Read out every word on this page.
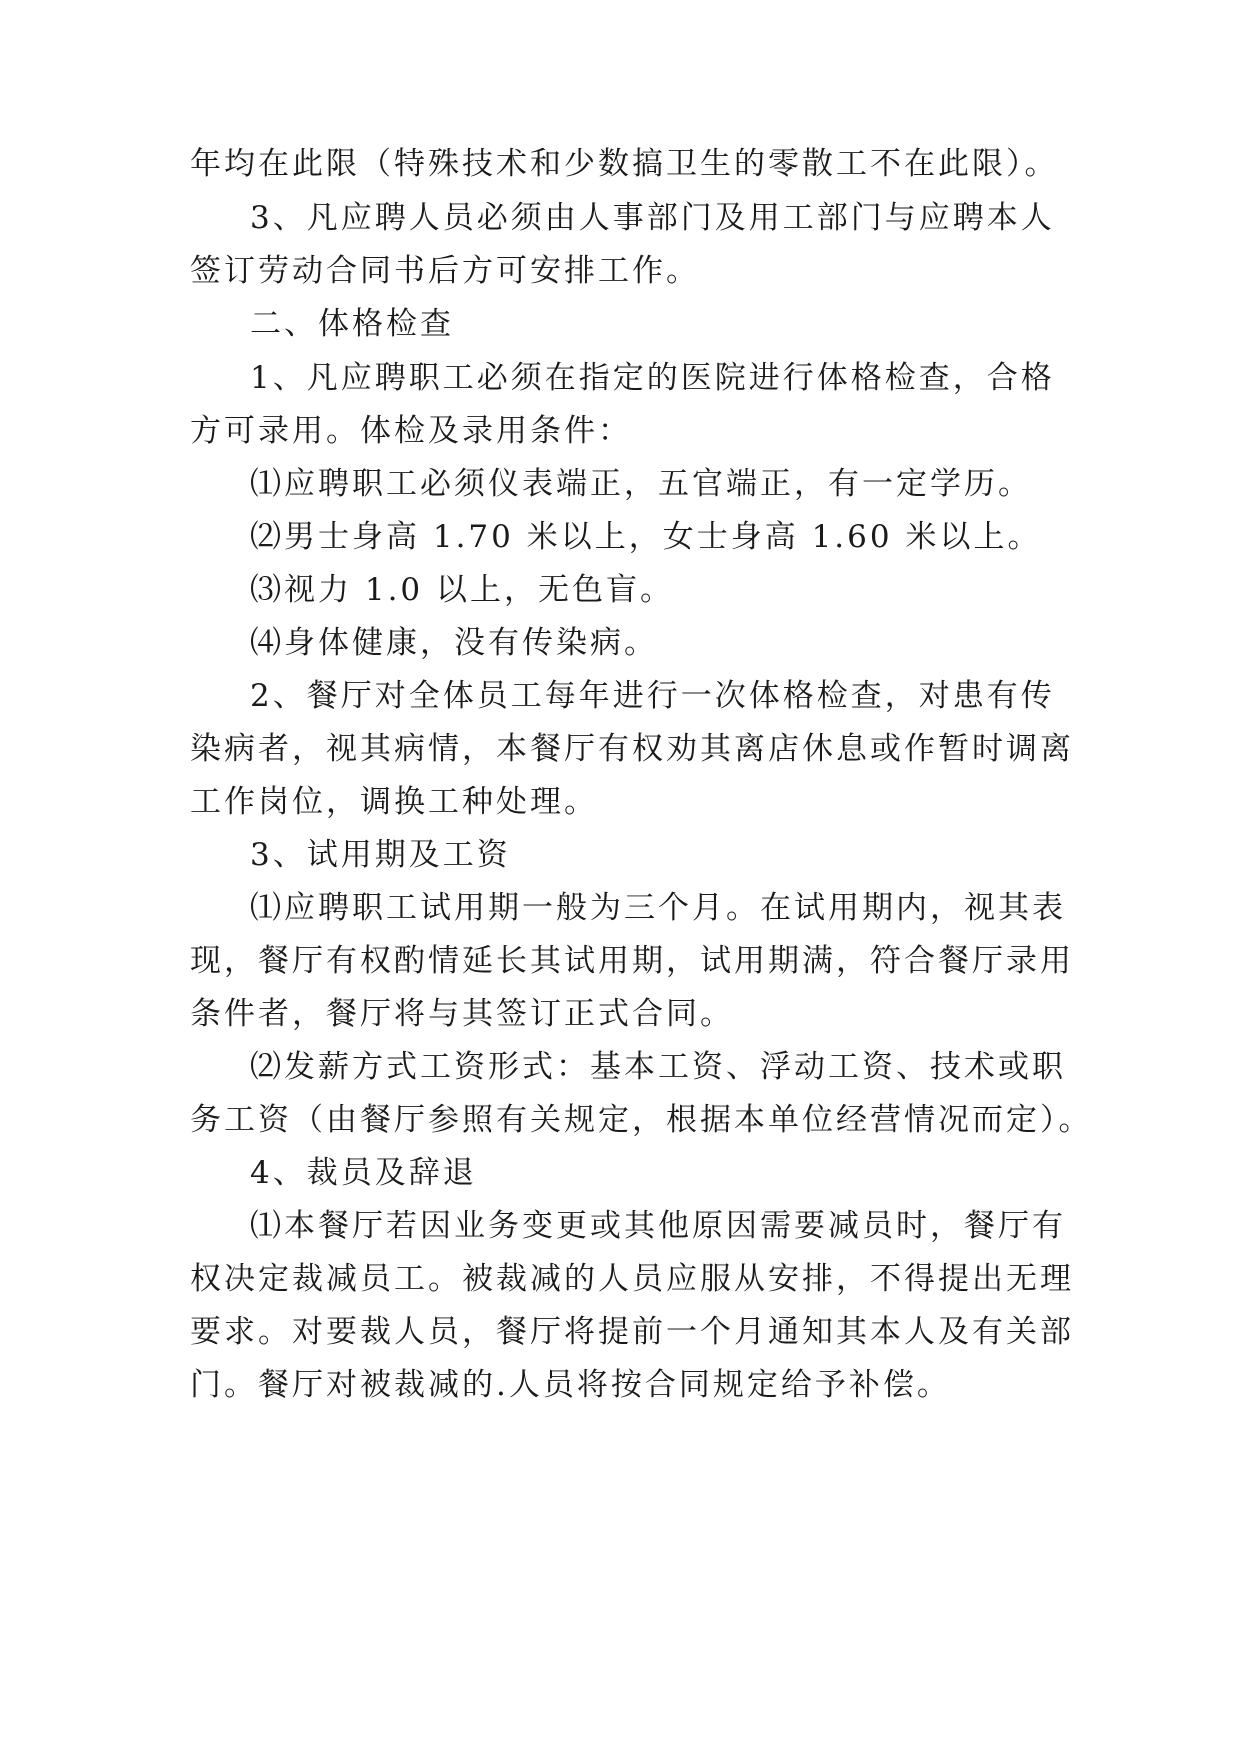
年均在此限（特殊技术和少数搞卫生的零散工不在此限）。
3、凡应聘人员必须由人事部门及用工部门与应聘本人
签订劳动合同书后方可安排工作。
二、体格检查
1、凡应聘职工必须在指定的医院进行体格检查，合格
方可录用。体检及录用条件：
⑴应聘职工必须仪表端正，五官端正，有一定学历。
⑵男士身高 1.70 米以上，女士身高 1.60 米以上。
⑶视力 1.0 以上，无色盲。
⑷身体健康，没有传染病。
2、餐厅对全体员工每年进行一次体格检查，对患有传
染病者，视其病情，本餐厅有权劝其离店休息或作暂时调离
工作岗位，调换工种处理。
3、试用期及工资
⑴应聘职工试用期一般为三个月。在试用期内，视其表
现，餐厅有权酌情延长其试用期，试用期满，符合餐厅录用
条件者，餐厅将与其签订正式合同。
⑵发薪方式工资形式：基本工资、浮动工资、技术或职
务工资（由餐厅参照有关规定，根据本单位经营情况而定）。
4、裁员及辞退
⑴本餐厅若因业务变更或其他原因需要减员时，餐厅有
权决定裁减员工。被裁减的人员应服从安排，不得提出无理
要求。对要裁人员，餐厅将提前一个月通知其本人及有关部
门。餐厅对被裁减的.人员将按合同规定给予补偿。
